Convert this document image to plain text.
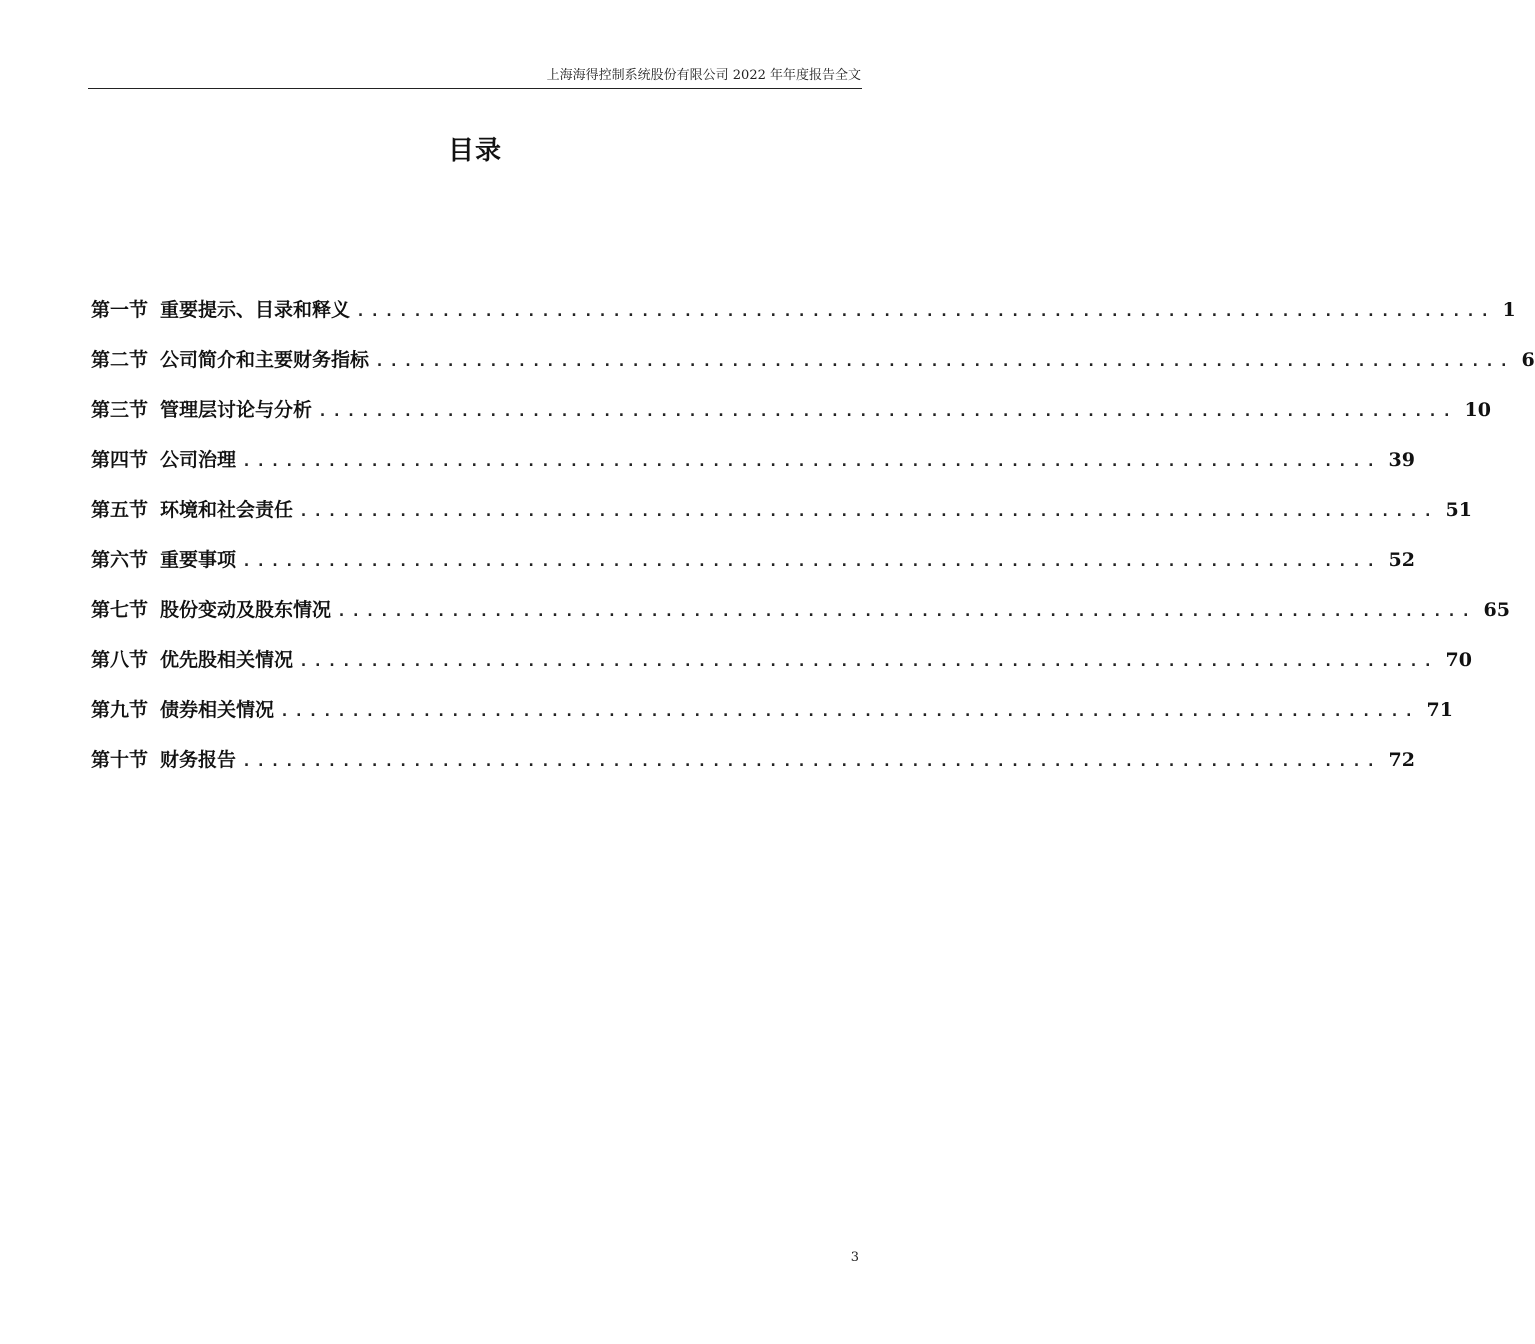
上海海得控制系统股份有限公司 2022 年年度报告全文
目录
第一节 重要提示、目录和释义 ................................................................................ 1
第二节 公司简介和主要财务指标 ................................................................................ 6
第三节 管理层讨论与分析 ................................................................................ 10
第四节 公司治理 ................................................................................ 39
第五节 环境和社会责任 ................................................................................ 51
第六节 重要事项 ................................................................................ 52
第七节 股份变动及股东情况 ................................................................................ 65
第八节 优先股相关情况 ................................................................................ 70
第九节 债券相关情况 ................................................................................ 71
第十节 财务报告 ................................................................................ 72
3
